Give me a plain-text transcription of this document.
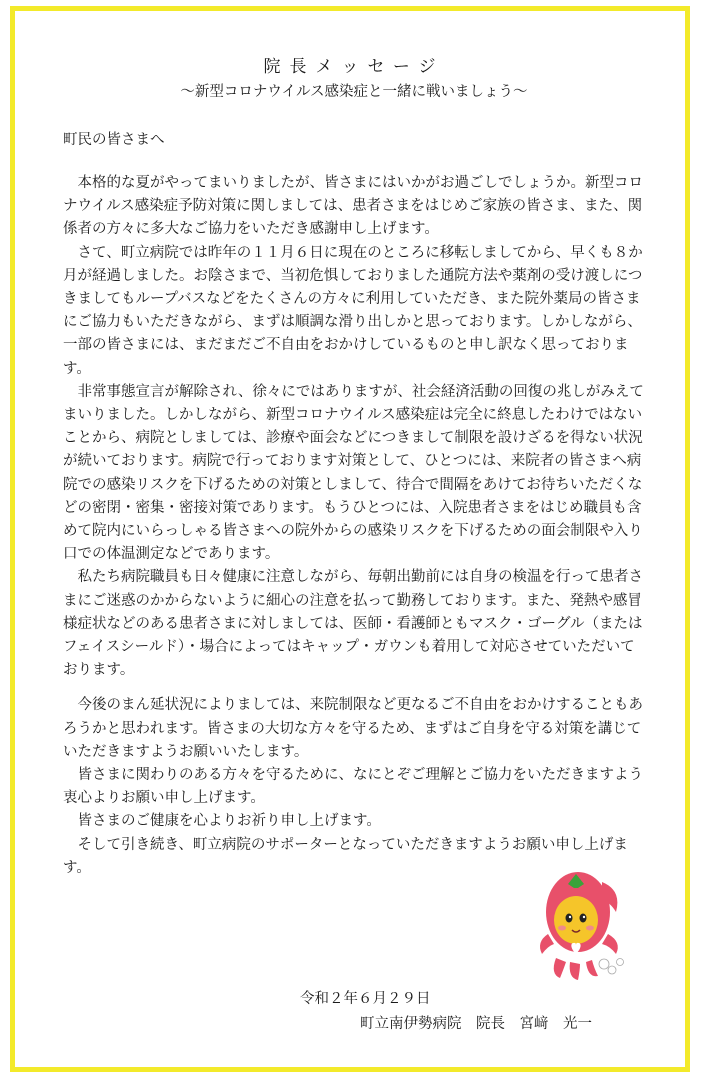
院長メッセージ
～新型コロナウイルス感染症と一緒に戦いましょう～
町民の皆さまへ

本格的な夏がやってまいりましたが、皆さまにはいかがお過ごしでしょうか。新型コロナウイルス感染症予防対策に関しましては、患者さまをはじめご家族の皆さま、また、関係者の方々に多大なご協力をいただき感謝申し上げます。

さて、町立病院では昨年の１１月６日に現在のところに移転しましてから、早くも８か月が経過しました。お陰さまで、当初危惧しておりました通院方法や薬剤の受け渡しにつきましてもループバスなどをたくさんの方々に利用していただき、また院外薬局の皆さまにご協力もいただきながら、まずは順調な滑り出しかと思っております。しかしながら、一部の皆さまには、まだまだご不自由をおかけしているものと申し訳なく思っております。

非常事態宣言が解除され、徐々にではありますが、社会経済活動の回復の兆しがみえてまいりました。しかしながら、新型コロナウイルス感染症は完全に終息したわけではないことから、病院としましては、診療や面会などにつきまして制限を設けざるを得ない状況が続いております。病院で行っております対策として、ひとつには、来院者の皆さまへ病院での感染リスクを下げるための対策としまして、待合で間隔をあけてお待ちいただくなどの密閉・密集・密接対策であります。もうひとつには、入院患者さまをはじめ職員も含めて院内にいらっしゃる皆さまへの院外からの感染リスクを下げるための面会制限や入り口での体温測定などであります。

私たち病院職員も日々健康に注意しながら、毎朝出勤前には自身の検温を行って患者さまにご迷惑のかからないように細心の注意を払って勤務しております。また、発熱や感冒様症状などのある患者さまに対しましては、医師・看護師ともマスク・ゴーグル（またはフェイスシールド）・場合によってはキャップ・ガウンも着用して対応させていただいております。

今後のまん延状況によりましては、来院制限など更なるご不自由をおかけすることもあろうかと思われます。皆さまの大切な方々を守るため、まずはご自身を守る対策を講じていただきますようお願いいたします。

皆さまに関わりのある方々を守るために、なにとぞご理解とご協力をいただきますよう衷心よりお願い申し上げます。

皆さまのご健康を心よりお祈り申し上げます。

そして引き続き、町立病院のサポーターとなっていただきますようお願い申し上げます。

令和２年６月２９日
町立南伊勢病院　院長　宮﨑　光一
